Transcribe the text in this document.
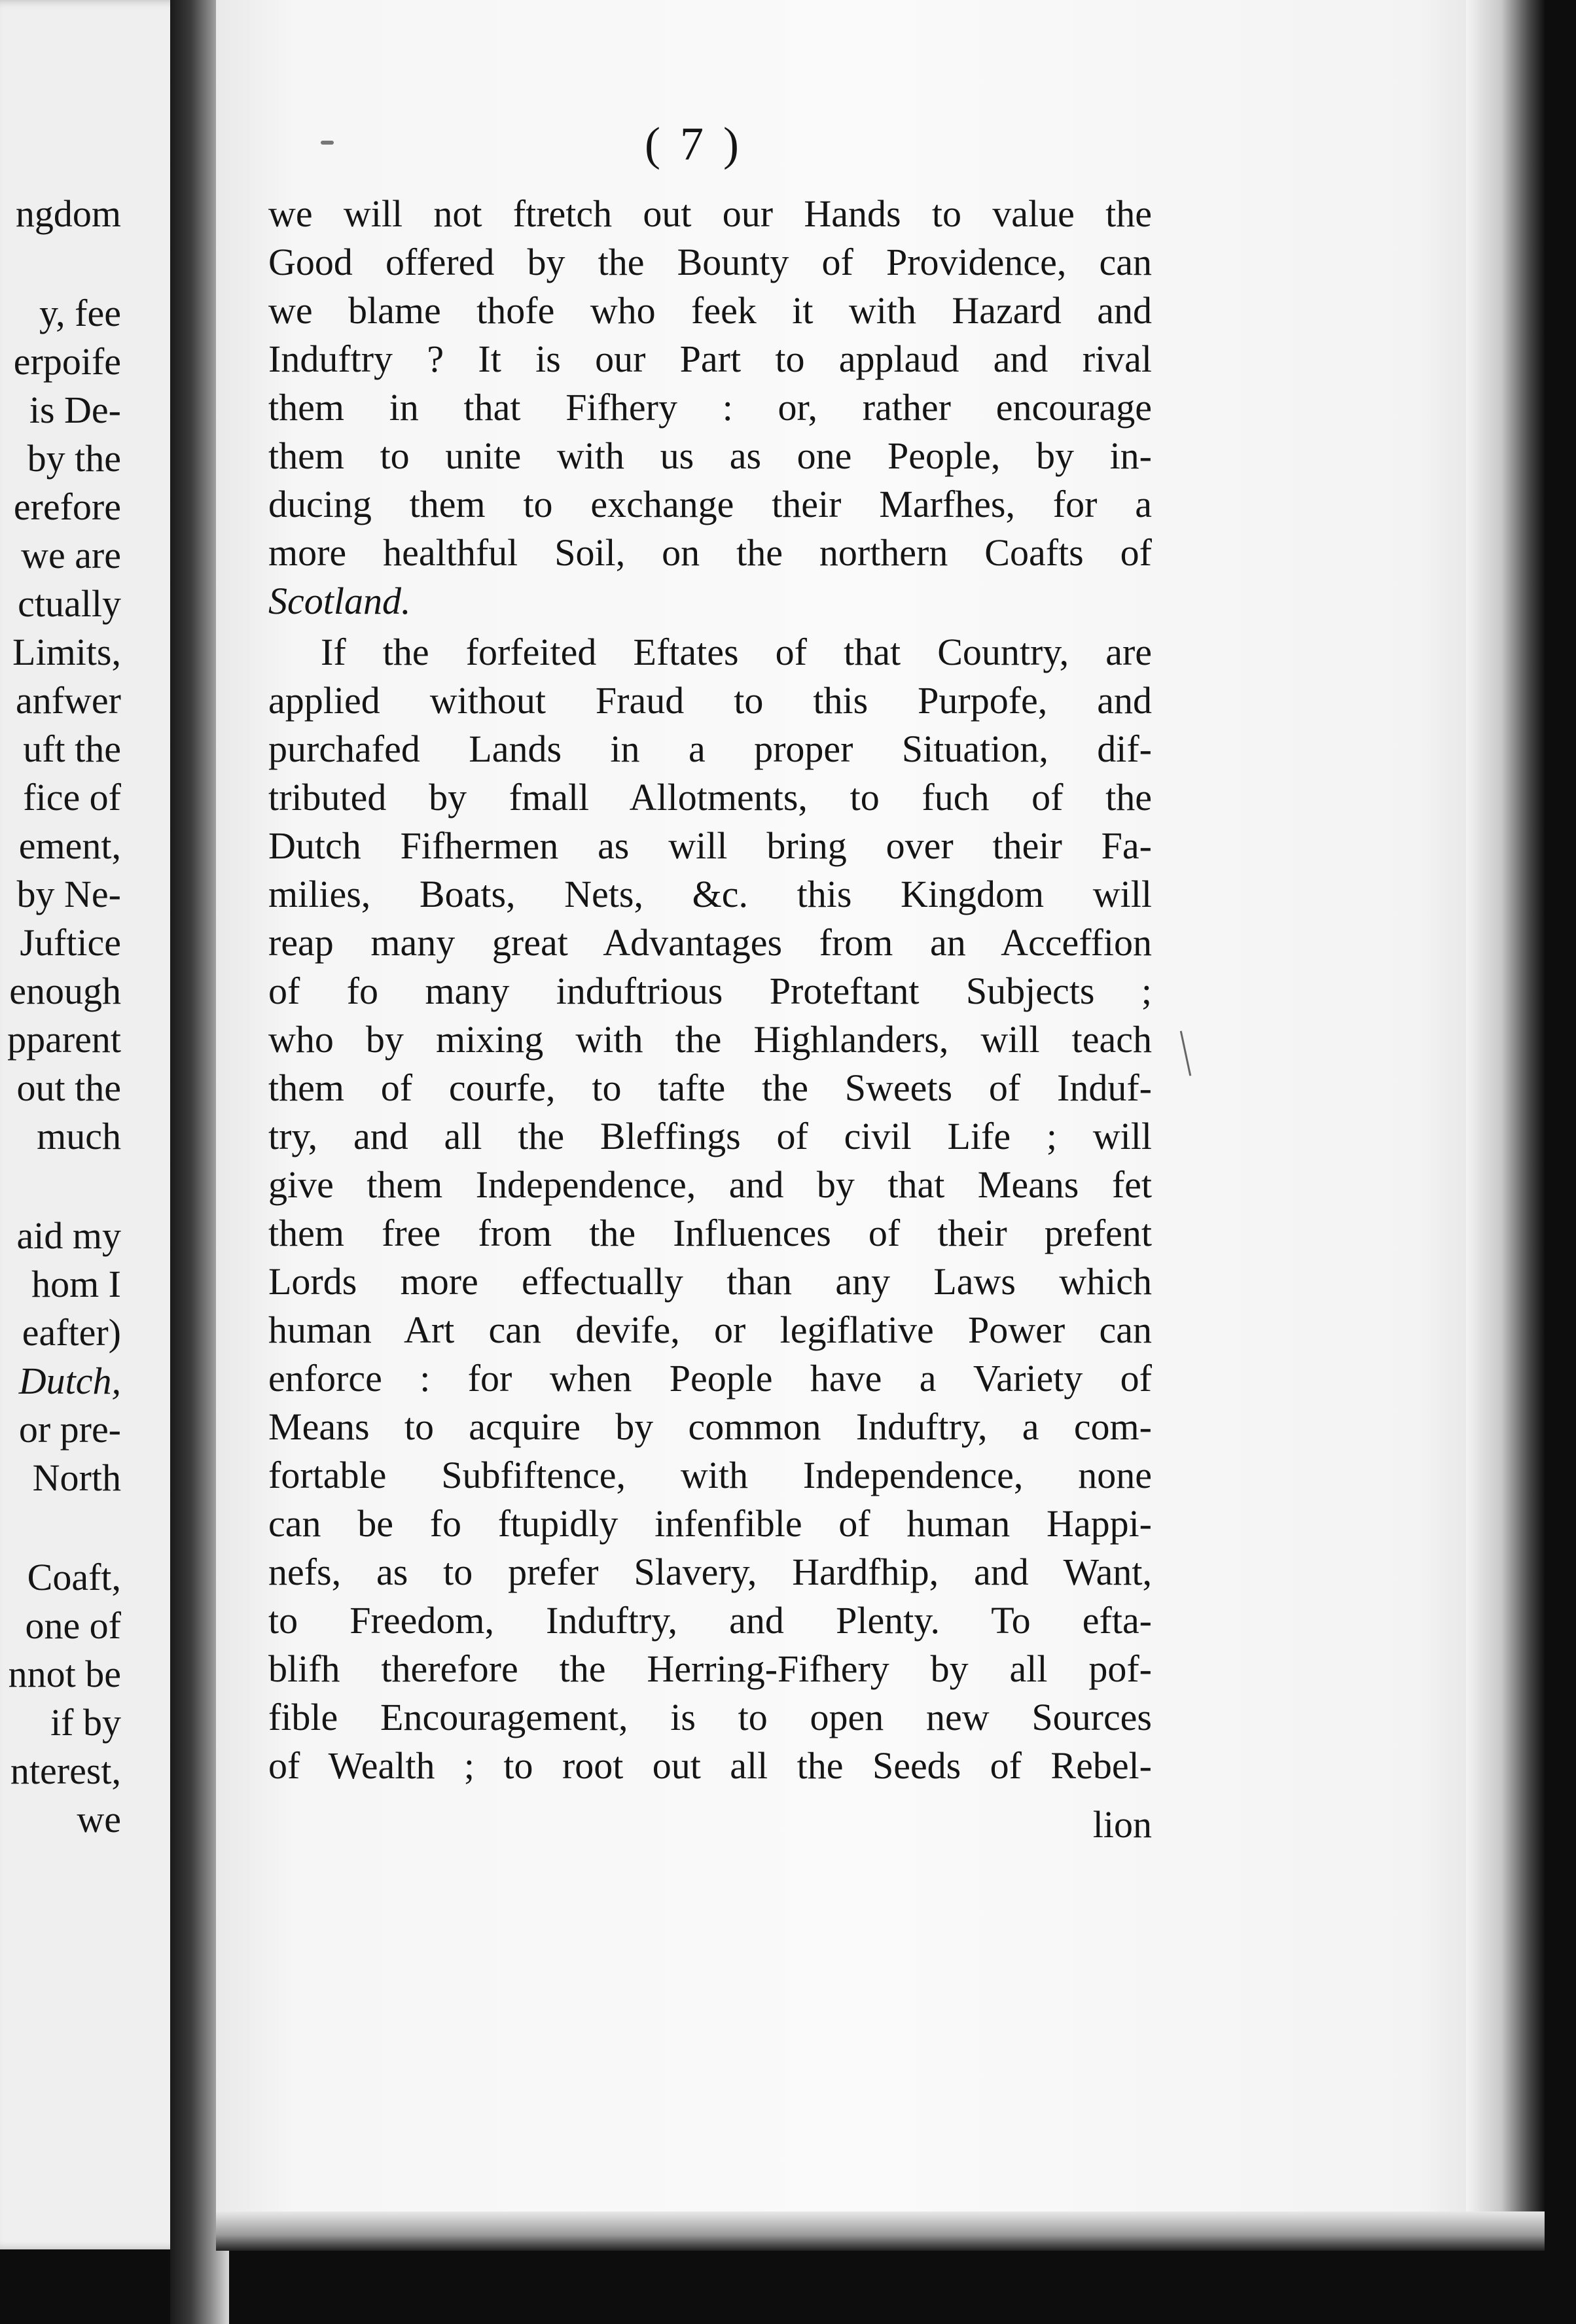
ngdom
y, fee
erpoife
is De-
by the
erefore
we are
ctually
Limits,
anfwer
uft the
fice of
ement,
by Ne-
Juftice
enough
pparent
out the
much
aid my
hom I
eafter)
Dutch,
or pre-
North
Coaft,
one of
nnot be
if by
nterest,
we
( 7 )
we will not ftretch out our Hands to value the
Good offered by the Bounty of Providence, can
we blame thofe who feek it with Hazard and
Induftry ? It is our Part to applaud and rival
them in that Fifhery : or, rather encourage
them to unite with us as one People, by in-
ducing them to exchange their Marfhes, for a
more healthful Soil, on the northern Coafts of
Scotland.
If the forfeited Eftates of that Country, are
applied without Fraud to this Purpofe, and
purchafed Lands in a proper Situation, dif-
tributed by fmall Allotments, to fuch of the
Dutch Fifhermen as will bring over their Fa-
milies, Boats, Nets, &c. this Kingdom will
reap many great Advantages from an Acceffion
of fo many induftrious Proteftant Subjects ;
who by mixing with the Highlanders, will teach
them of courfe, to tafte the Sweets of Induf-
try, and all the Bleffings of civil Life ; will
give them Independence, and by that Means fet
them free from the Influences of their prefent
Lords more effectually than any Laws which
human Art can devife, or legiflative Power can
enforce : for when People have a Variety of
Means to acquire by common Induftry, a com-
fortable Subfiftence, with Independence, none
can be fo ftupidly infenfible of human Happi-
nefs, as to prefer Slavery, Hardfhip, and Want,
to Freedom, Induftry, and Plenty. To efta-
blifh therefore the Herring-Fifhery by all pof-
fible Encouragement, is to open new Sources
of Wealth ; to root out all the Seeds of Rebel-
lion
